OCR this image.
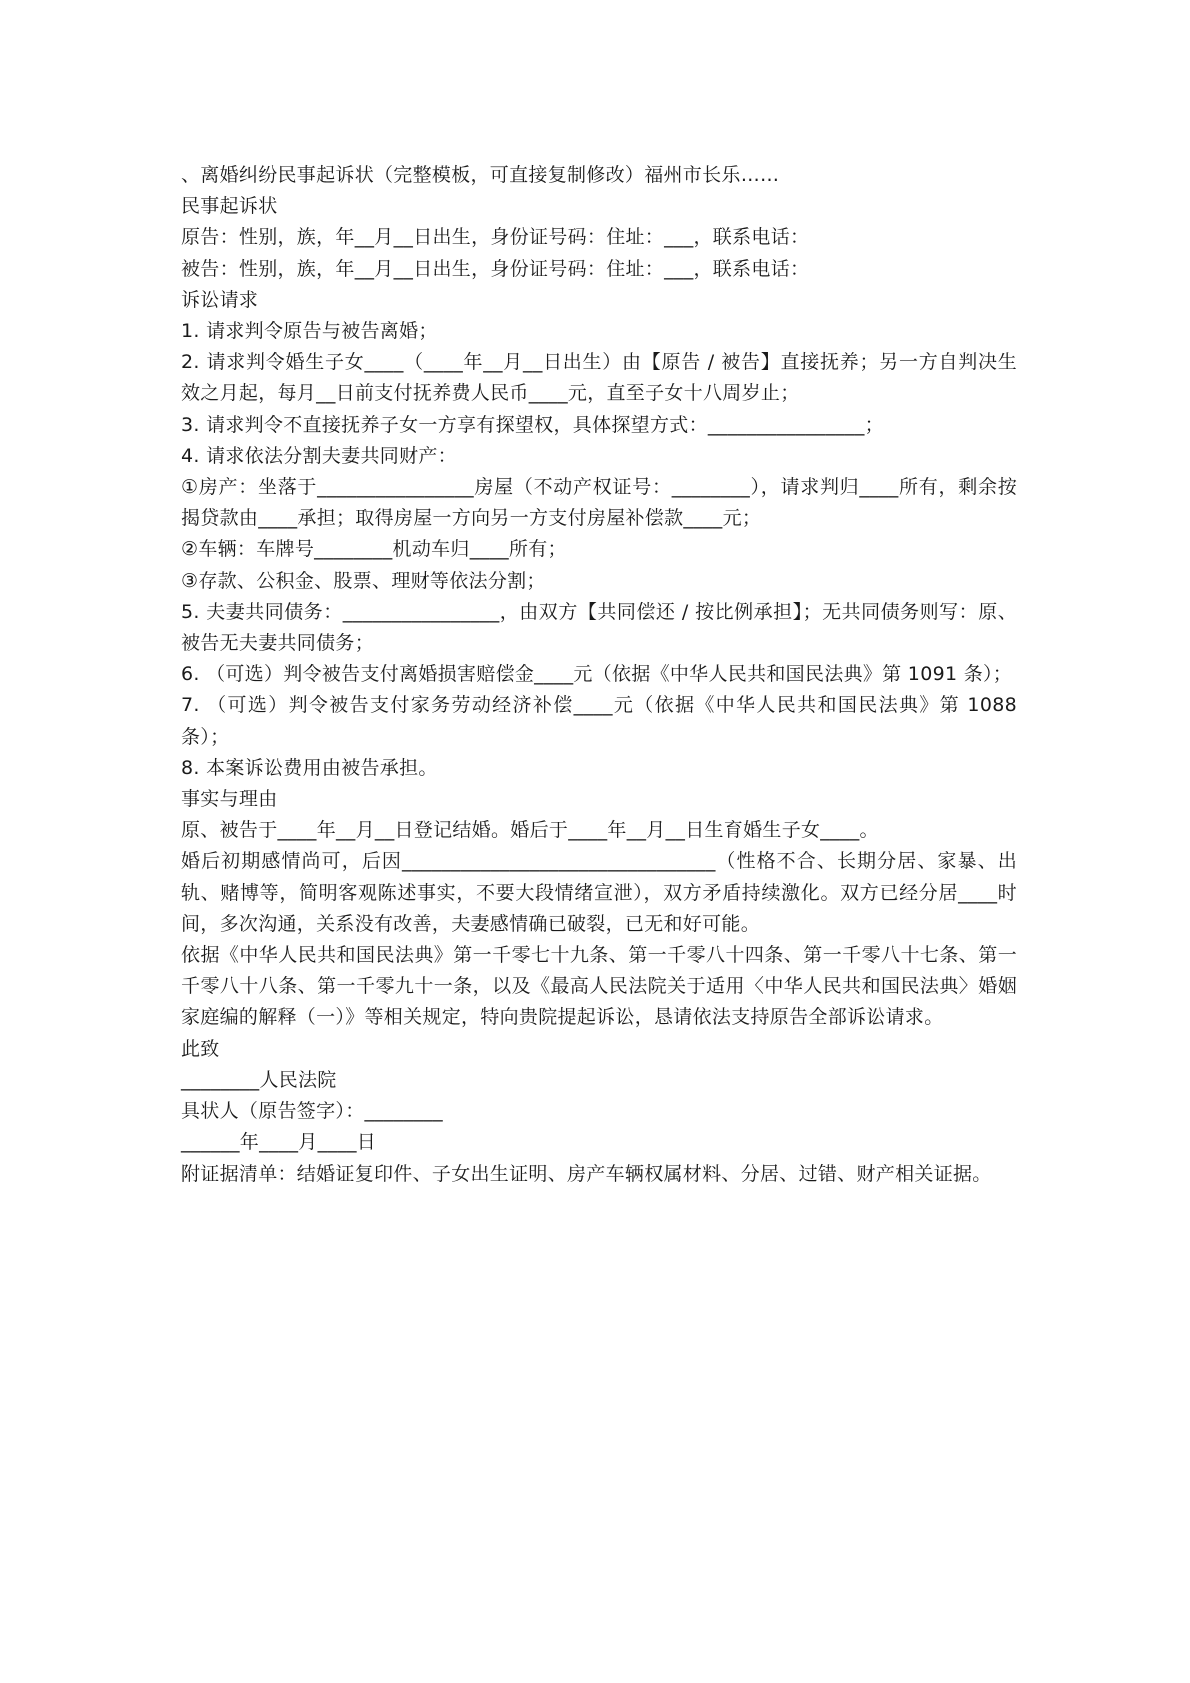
、离婚纠纷民事起诉状（完整模板，可直接复制修改）福州市长乐……

民事起诉状

原告：性别，族，年__月__日出生，身份证号码：住址：___，联系电话：

被告：性别，族，年__月__日出生，身份证号码：住址：___，联系电话：

诉讼请求

1. 请求判令原告与被告离婚；

2. 请求判令婚生子女____（____年__月__日出生）由【原告 / 被告】直接抚养；另一方自判决生效之月起，每月__日前支付抚养费人民币____元，直至子女十八周岁止；

3. 请求判令不直接抚养子女一方享有探望权，具体探望方式：________________；

4. 请求依法分割夫妻共同财产：

①房产：坐落于________________房屋（不动产权证号：________），请求判归____所有，剩余按揭贷款由____承担；取得房屋一方向另一方支付房屋补偿款____元；

②车辆：车牌号________机动车归____所有；

③存款、公积金、股票、理财等依法分割；

5. 夫妻共同债务：________________，由双方【共同偿还 / 按比例承担】；无共同债务则写：原、被告无夫妻共同债务；

6. （可选）判令被告支付离婚损害赔偿金____元（依据《中华人民共和国民法典》第 1091 条）；

7. （可选）判令被告支付家务劳动经济补偿____元（依据《中华人民共和国民法典》第 1088 条）；

8. 本案诉讼费用由被告承担。

事实与理由

原、被告于____年__月__日登记结婚。婚后于____年__月__日生育婚生子女____。

婚后初期感情尚可，后因________________________________（性格不合、长期分居、家暴、出轨、赌博等，简明客观陈述事实，不要大段情绪宣泄），双方矛盾持续激化。双方已经分居____时间，多次沟通，关系没有改善，夫妻感情确已破裂，已无和好可能。

依据《中华人民共和国民法典》第一千零七十九条、第一千零八十四条、第一千零八十七条、第一千零八十八条、第一千零九十一条，以及《最高人民法院关于适用〈中华人民共和国民法典〉婚姻家庭编的解释（一）》等相关规定，特向贵院提起诉讼，恳请依法支持原告全部诉讼请求。

此致

________人民法院

具状人（原告签字）：________

______年____月____日

附证据清单：结婚证复印件、子女出生证明、房产车辆权属材料、分居、过错、财产相关证据。
